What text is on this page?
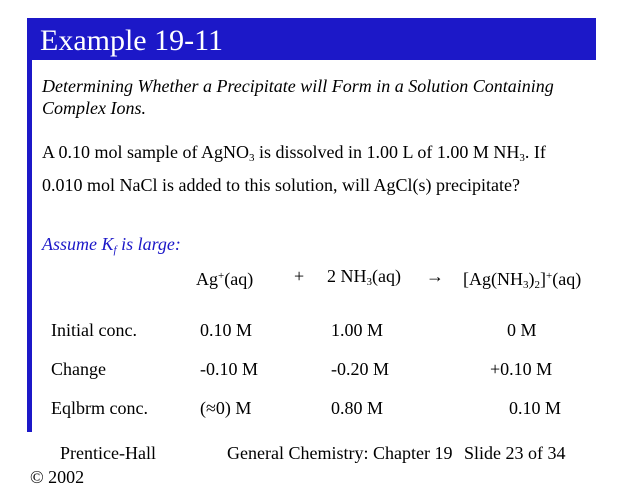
Example 19-11
Determining Whether a Precipitate will Form in a Solution Containing Complex Ions.
A 0.10 mol sample of AgNO$_3$ is dissolved in 1.00 L of 1.00 M $NH_3$. If 0.010 mol NaCl is added to this solution, will AgCl(s) precipitate?
Assume $K_f$ is large:
Ag+(aq) + 2 $NH_3(aq) \to [Ag(NH_3)_2]^+(aq)$
Initial conc.	0.10 M	1.00 M	0 M
Change	-0.10 M	-0.20 M	+0.10 M
Eqlbrm conc.	(≈0) M	0.80 M	0.10 M
Prentice-Hall
© 2002
General Chemistry: Chapter 19 Slide 23 of 34
